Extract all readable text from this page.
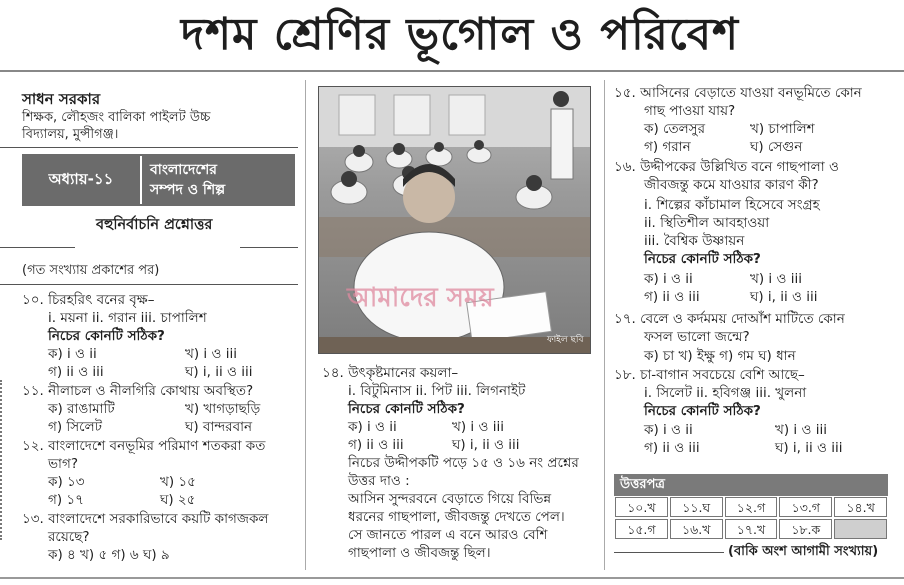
দশম শ্রেণির ভূগোল ও পরিবেশ
সাধন সরকার
শিক্ষক, লৌহজং বালিকা পাইলট উচ্চ
বিদ্যালয়, মুন্সীগঞ্জ।
অধ্যায়-১১	বাংলাদেশের
সম্পদ ও শিল্প
বহুনির্বাচনি প্রশ্নোত্তর
(গত সংখ্যায় প্রকাশের পর)
১০. চিরহরিৎ বনের বৃক্ষ–
i. ময়না ii. গরান iii. চাপালিশ
নিচের কোনটি সঠিক?
ক) i ও ii	খ) i ও iii
গ) ii ও iii	ঘ) i, ii ও iii
১১. নীলাচল ও নীলগিরি কোথায় অবস্থিত?
ক) রাঙামাটি	খ) খাগড়াছড়ি
গ) সিলেট	ঘ) বান্দরবান
১২. বাংলাদেশে বনভূমির পরিমাণ শতকরা কত
ভাগ?
ক) ১৩	খ) ১৫
গ) ১৭	ঘ) ২৫
১৩. বাংলাদেশে সরকারিভাবে কয়টি কাগজকল
রয়েছে?
ক) ৪ খ) ৫ গ) ৬ ঘ) ৯
আমাদের সময়
ফাইল ছবি
১৪. উৎকৃষ্টমানের কয়লা–
i. বিটুমিনাস ii. পিট iii. লিগনাইট
নিচের কোনটি সঠিক?
ক) i ও ii	খ) i ও iii
গ) ii ও iii	ঘ) i, ii ও iii
নিচের উদ্দীপকটি পড়ে ১৫ ও ১৬ নং প্রশ্নের
উত্তর দাও :
আসিন সুন্দরবনে বেড়াতে গিয়ে বিভিন্ন
ধরনের গাছপালা, জীবজন্তু দেখতে পেল।
সে জানতে পারল এ বনে আরও বেশি
গাছপালা ও জীবজন্তু ছিল।
১৫. আসিনের বেড়াতে যাওয়া বনভূমিতে কোন
গাছ পাওয়া যায়?
ক) তেলসুর	খ) চাপালিশ
গ) গরান	ঘ) সেগুন
১৬. উদ্দীপকের উল্লিখিত বনে গাছপালা ও
জীবজন্তু কমে যাওয়ার কারণ কী?
i. শিল্পের কাঁচামাল হিসেবে সংগ্রহ
ii. স্থিতিশীল আবহাওয়া
iii. বৈশ্বিক উষ্ণায়ন
নিচের কোনটি সঠিক?
ক) i ও ii	খ) i ও iii
গ) ii ও iii	ঘ) i, ii ও iii
১৭. বেলে ও কর্দমময় দোআঁশ মাটিতে কোন
ফসল ভালো জন্মে?
ক) চা খ) ইক্ষু গ) গম ঘ) ধান
১৮. চা-বাগান সবচেয়ে বেশি আছে–
i. সিলেট ii. হবিগঞ্জ iii. খুলনা
নিচের কোনটি সঠিক?
ক) i ও ii	খ) i ও iii
গ) ii ও iii	ঘ) i, ii ও iii
উত্তরপত্র
১০.খ	১১.ঘ	১২.গ	১৩.গ	১৪.খ
১৫.গ	১৬.খ	১৭.খ	১৮.ক
(বাকি অংশ আগামী সংখ্যায়)
